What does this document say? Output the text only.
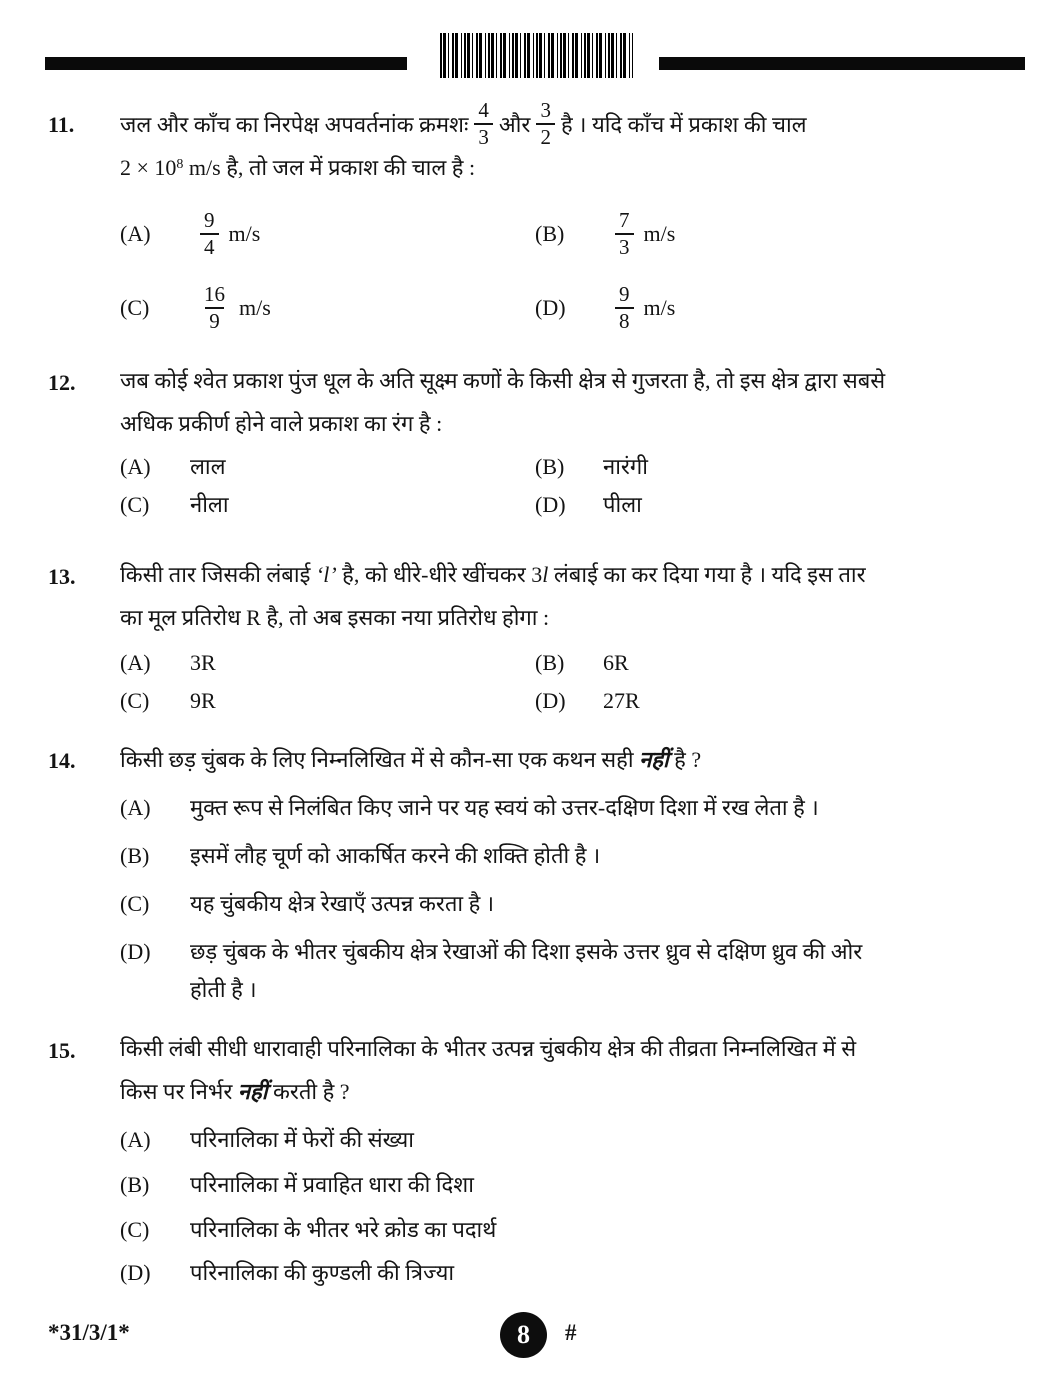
11. जल और काँच का निरपेक्ष अपवर्तनांक क्रमशः $\frac{4}{3}$ और $\frac{3}{2}$ है । यदि काँच में प्रकाश की चाल
$2 \times 10^8$ m/s है, तो जल में प्रकाश की चाल है :
(A)	$\frac{9}{4} m/s$	(B)	$\frac{7}{3} m/s$
(C)	$\frac{16}{9} m/s$	(D)	$\frac{9}{8} m/s$
12. जब कोई श्वेत प्रकाश पुंज धूल के अति सूक्ष्म कणों के किसी क्षेत्र से गुजरता है, तो इस क्षेत्र द्वारा सबसे
अधिक प्रकीर्ण होने वाले प्रकाश का रंग है :
(A) लाल	(B) नारंगी
(C) नीला	(D) पीला
13. किसी तार जिसकी लंबाई ‘l’ है, को धीरे-धीरे खींचकर 3l लंबाई का कर दिया गया है । यदि इस तार
का मूल प्रतिरोध R है, तो अब इसका नया प्रतिरोध होगा :
(A) 3R	(B) 6R
(C) 9R	(D) 27R
14. किसी छड़ चुंबक के लिए निम्नलिखित में से कौन-सा एक कथन सही नहीं है ?
(A) मुक्त रूप से निलंबित किए जाने पर यह स्वयं को उत्तर-दक्षिण दिशा में रख लेता है ।
(B) इसमें लौह चूर्ण को आकर्षित करने की शक्ति होती है ।
(C) यह चुंबकीय क्षेत्र रेखाएँ उत्पन्न करता है ।
(D) छड़ चुंबक के भीतर चुंबकीय क्षेत्र रेखाओं की दिशा इसके उत्तर ध्रुव से दक्षिण ध्रुव की ओर
होती है ।
15. किसी लंबी सीधी धारावाही परिनालिका के भीतर उत्पन्न चुंबकीय क्षेत्र की तीव्रता निम्नलिखित में से
किस पर निर्भर नहीं करती है ?
(A) परिनालिका में फेरों की संख्या
(B) परिनालिका में प्रवाहित धारा की दिशा
(C) परिनालिका के भीतर भरे क्रोड का पदार्थ
(D) परिनालिका की कुण्डली की त्रिज्या
*31/3/1*	8 #
